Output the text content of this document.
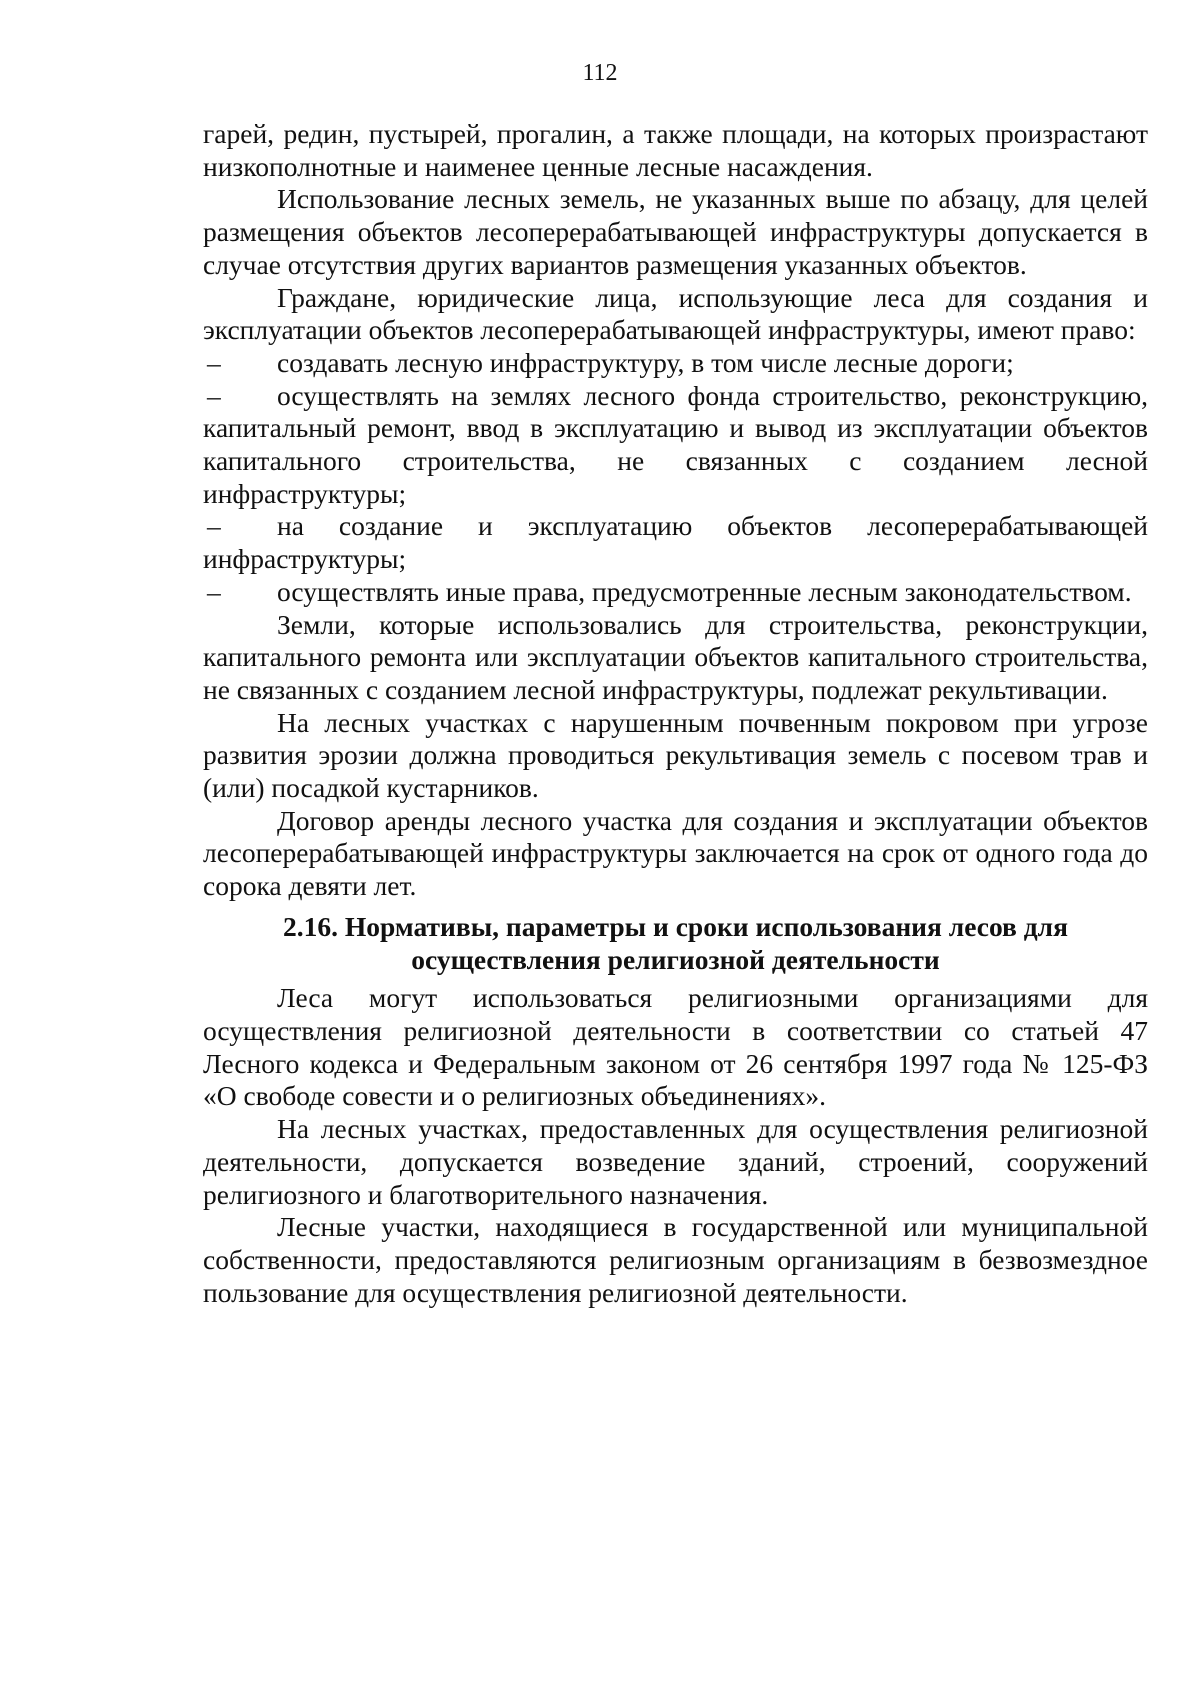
112

гарей, редин, пустырей, прогалин, а также площади, на которых произрастают низкополнотные и наименее ценные лесные насаждения.

Использование лесных земель, не указанных выше по абзацу, для целей размещения объектов лесоперерабатывающей инфраструктуры допускается в случае отсутствия других вариантов размещения указанных объектов.

Граждане, юридические лица, использующие леса для создания и эксплуатации объектов лесоперерабатывающей инфраструктуры, имеют право:

– создавать лесную инфраструктуру, в том числе лесные дороги;

– осуществлять на землях лесного фонда строительство, реконструкцию, капитальный ремонт, ввод в эксплуатацию и вывод из эксплуатации объектов капитального строительства, не связанных с созданием лесной инфраструктуры;

– на создание и эксплуатацию объектов лесоперерабатывающей инфраструктуры;

– осуществлять иные права, предусмотренные лесным законодательством.

Земли, которые использовались для строительства, реконструкции, капитального ремонта или эксплуатации объектов капитального строительства, не связанных с созданием лесной инфраструктуры, подлежат рекультивации.

На лесных участках с нарушенным почвенным покровом при угрозе развития эрозии должна проводиться рекультивация земель с посевом трав и (или) посадкой кустарников.

Договор аренды лесного участка для создания и эксплуатации объектов лесоперерабатывающей инфраструктуры заключается на срок от одного года до сорока девяти лет.

2.16. Нормативы, параметры и сроки использования лесов для осуществления религиозной деятельности

Леса могут использоваться религиозными организациями для осуществления религиозной деятельности в соответствии со статьей 47 Лесного кодекса и Федеральным законом от 26 сентября 1997 года № 125-ФЗ «О свободе совести и о религиозных объединениях».

На лесных участках, предоставленных для осуществления религиозной деятельности, допускается возведение зданий, строений, сооружений религиозного и благотворительного назначения.

Лесные участки, находящиеся в государственной или муниципальной собственности, предоставляются религиозным организациям в безвозмездное пользование для осуществления религиозной деятельности.
